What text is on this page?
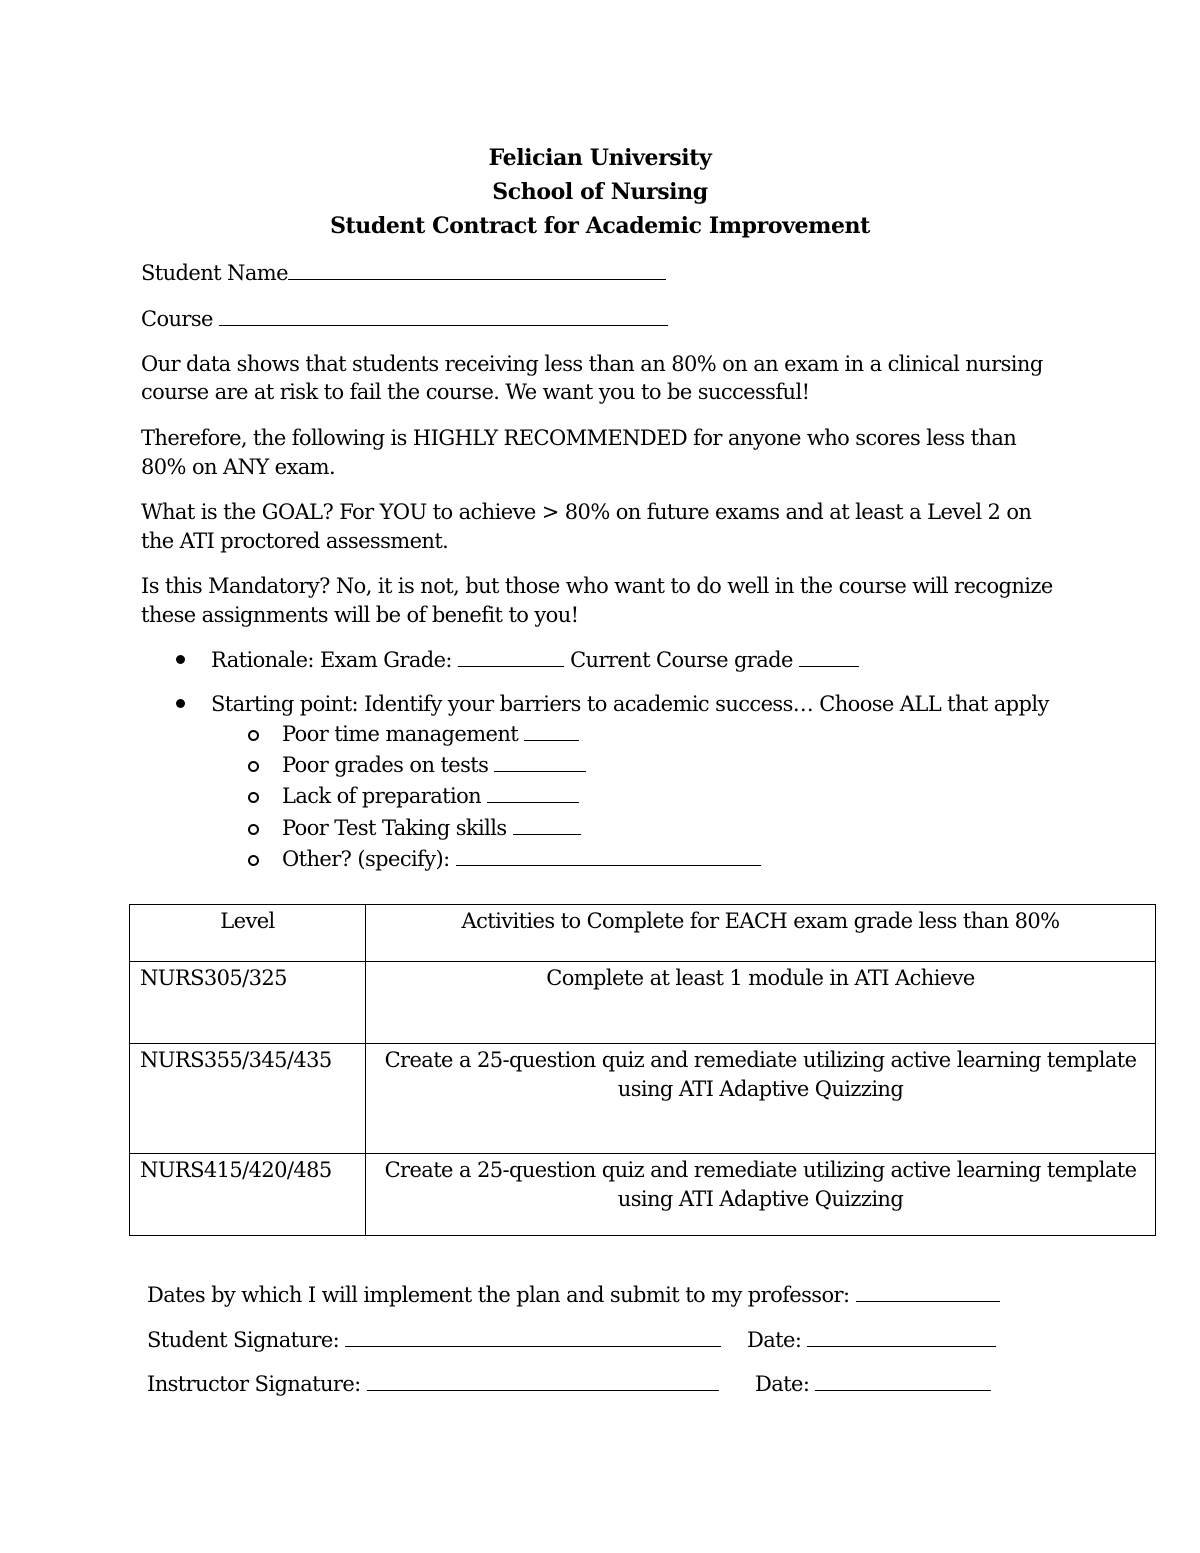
Felician University
School of Nursing
Student Contract for Academic Improvement
Student Name
Course
Our data shows that students receiving less than an 80% on an exam in a clinical nursing
course are at risk to fail the course. We want you to be successful!
Therefore, the following is HIGHLY RECOMMENDED for anyone who scores less than
80% on ANY exam.
What is the GOAL? For YOU to achieve > 80% on future exams and at least a Level 2 on
the ATI proctored assessment.
Is this Mandatory? No, it is not, but those who want to do well in the course will recognize
these assignments will be of benefit to you!
Rationale: Exam Grade:	Current Course grade
Starting point: Identify your barriers to academic success… Choose ALL that apply
Poor time management
Poor grades on tests
Lack of preparation
Poor Test Taking skills
Other? (specify):
Level	Activities to Complete for EACH exam grade less than 80%
NURS305/325	Complete at least 1 module in ATI Achieve

NURS355/345/435	Create a 25-question quiz and remediate utilizing active learning template
using ATI Adaptive Quizzing

NURS415/420/485	Create a 25-question quiz and remediate utilizing active learning template
using ATI Adaptive Quizzing
Dates by which I will implement the plan and submit to my professor:
Student Signature:	Date:
Instructor Signature:	Date:
